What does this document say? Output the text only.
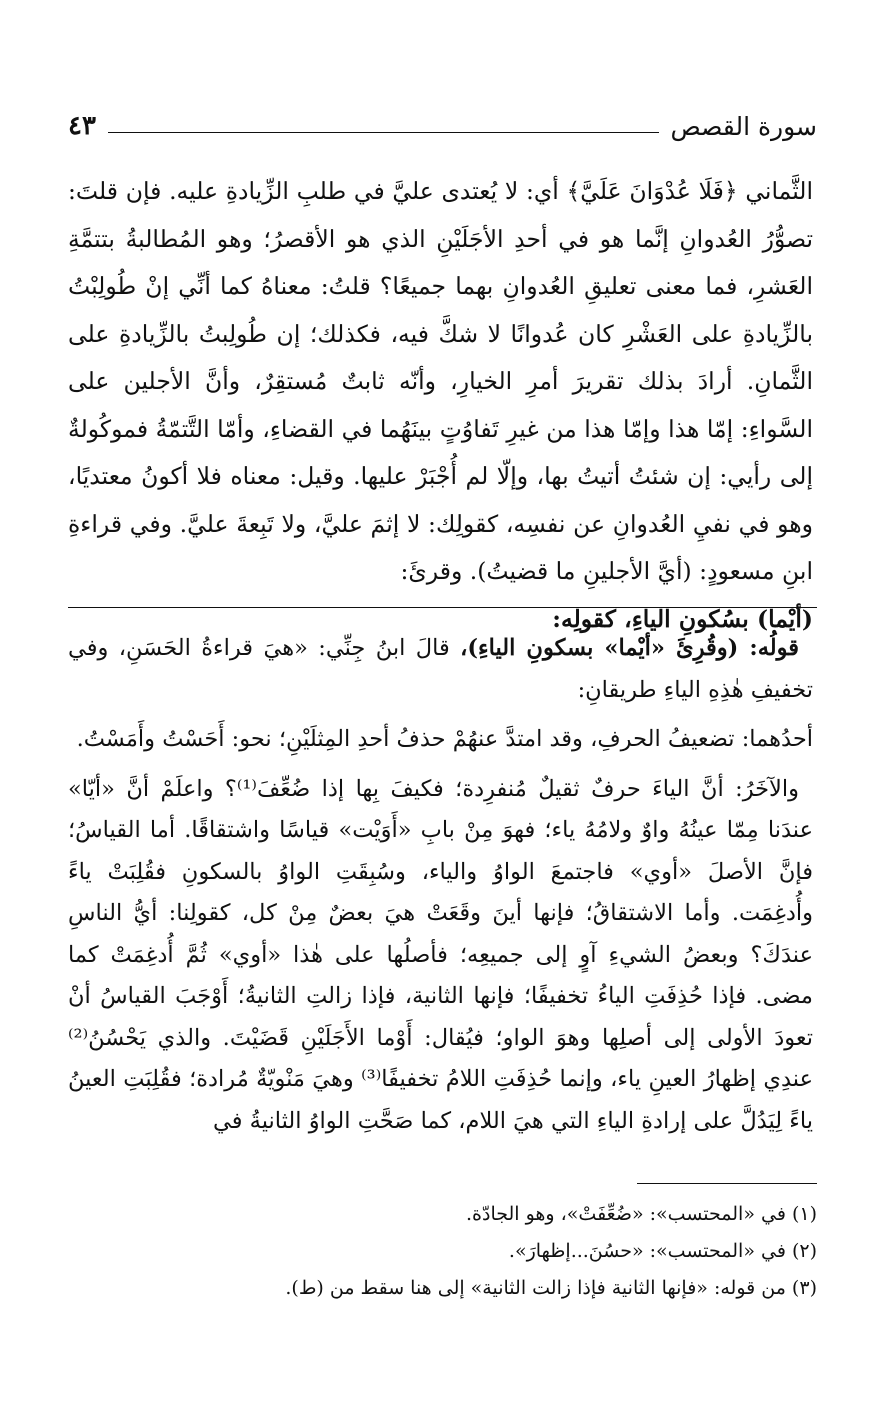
سورة القصص
٤٣

الثَّماني ﴿فَلَا عُدْوَانَ عَلَيَّ﴾ أي: لا يُعتدى عليَّ في طلبِ الزِّيادةِ عليه. فإن قلتَ: تصوُّرُ العُدوانِ إنَّما هو في أحدِ الأجَلَيْنِ الذي هو الأقصرُ؛ وهو المُطالبةُ بتتمَّةِ العَشرِ، فما معنى تعليقِ العُدوانِ بهما جميعًا؟ قلتُ: معناهُ كما أنِّي إنْ طُولِبْتُ بالزِّيادةِ على العَشْرِ كان عُدوانًا لا شكَّ فيه، فكذلك؛ إن طُولِبتُ بالزِّيادةِ على الثَّمانِ. أرادَ بذلك تقريرَ أمرِ الخيارِ، وأنّه ثابتٌ مُستقِرٌ، وأنَّ الأجلين على السَّواءِ: إمّا هذا وإمّا هذا من غيرِ تَفاوُتٍ بينَهُما في القضاءِ، وأمّا التَّتمّةُ فموكُولةٌ إلى رأيي: إن شئتُ أتيتُ بها، وإلّا لم أُجْبَرْ عليها. وقيل: معناه فلا أكونُ معتديًا، وهو في نفيِ العُدوانِ عن نفسِه، كقولِك: لا إثمَ عليَّ، ولا تَبِعةَ عليَّ. وفي قراءةِ ابنِ مسعودٍ: (أيَّ الأجلينِ ما قضيتُ). وقرئَ:

(أيْما) بسُكونِ الياءِ، كقولِه:

قولُه: (وقُرِئَ «أيْما» بسكونِ الياءِ)، قالَ ابنُ جِنِّي: «هيَ قراءةُ الحَسَنِ، وفي تخفيفِ هٰذِهِ الياءِ طريقانِ:

أحدُهما: تضعيفُ الحرفِ، وقد امتدَّ عنهُمْ حذفُ أحدِ المِثلَيْنِ؛ نحو: أَحَسْتُ وأَمَسْتُ.

والآخَرُ: أنَّ الياءَ حرفٌ ثقيلٌ مُنفرِدة؛ فكيفَ بِها إذا ضُعِّفَ⁽¹⁾؟ واعلَمْ أنَّ «أيّا» عندَنا مِمّا عينُهُ واوٌ ولامُهُ ياء؛ فهوَ مِنْ بابِ «أَوَيْت» قياسًا واشتقاقًا. أما القياسُ؛ فإنَّ الأصلَ «أوي» فاجتمعَ الواوُ والياء، وسُبِقَتِ الواوُ بالسكونِ فقُلِبَتْ ياءً وأُدغِمَت. وأما الاشتقاقُ؛ فإنها أينَ وقَعَتْ هيَ بعضٌ مِنْ كل، كقولِنا: أيُّ الناسِ عندَكَ؟ وبعضُ الشيءِ آوٍ إلى جميعِه؛ فأصلُها على هٰذا «أوي» ثُمَّ أُدغِمَتْ كما مضى. فإذا حُذِفَتِ الياءُ تخفيفًا؛ فإنها الثانية، فإذا زالتِ الثانيةُ؛ أَوْجَبَ القياسُ أنْ تعودَ الأولى إلى أصلِها وهوَ الواو؛ فيُقال: أَوْما الأَجَلَيْنِ قَضَيْتَ. والذي يَحْسُنُ⁽²⁾ عندِي إظهارُ العينِ ياء، وإنما حُذِفَتِ اللامُ تخفيفًا⁽³⁾ وهيَ مَنْويّةٌ مُرادة؛ فقُلِبَتِ العينُ ياءً لِيَدُلَّ على إرادةِ الياءِ التي هيَ اللام، كما صَحَّتِ الواوُ الثانيةُ في

(١) في «المحتسب»: «ضُعِّفَتْ»، وهو الجادّة.
(٢) في «المحتسب»: «حسُنَ...إظهارَ».
(٣) من قوله: «فإنها الثانية فإذا زالت الثانية» إلى هنا سقط من (ط).
